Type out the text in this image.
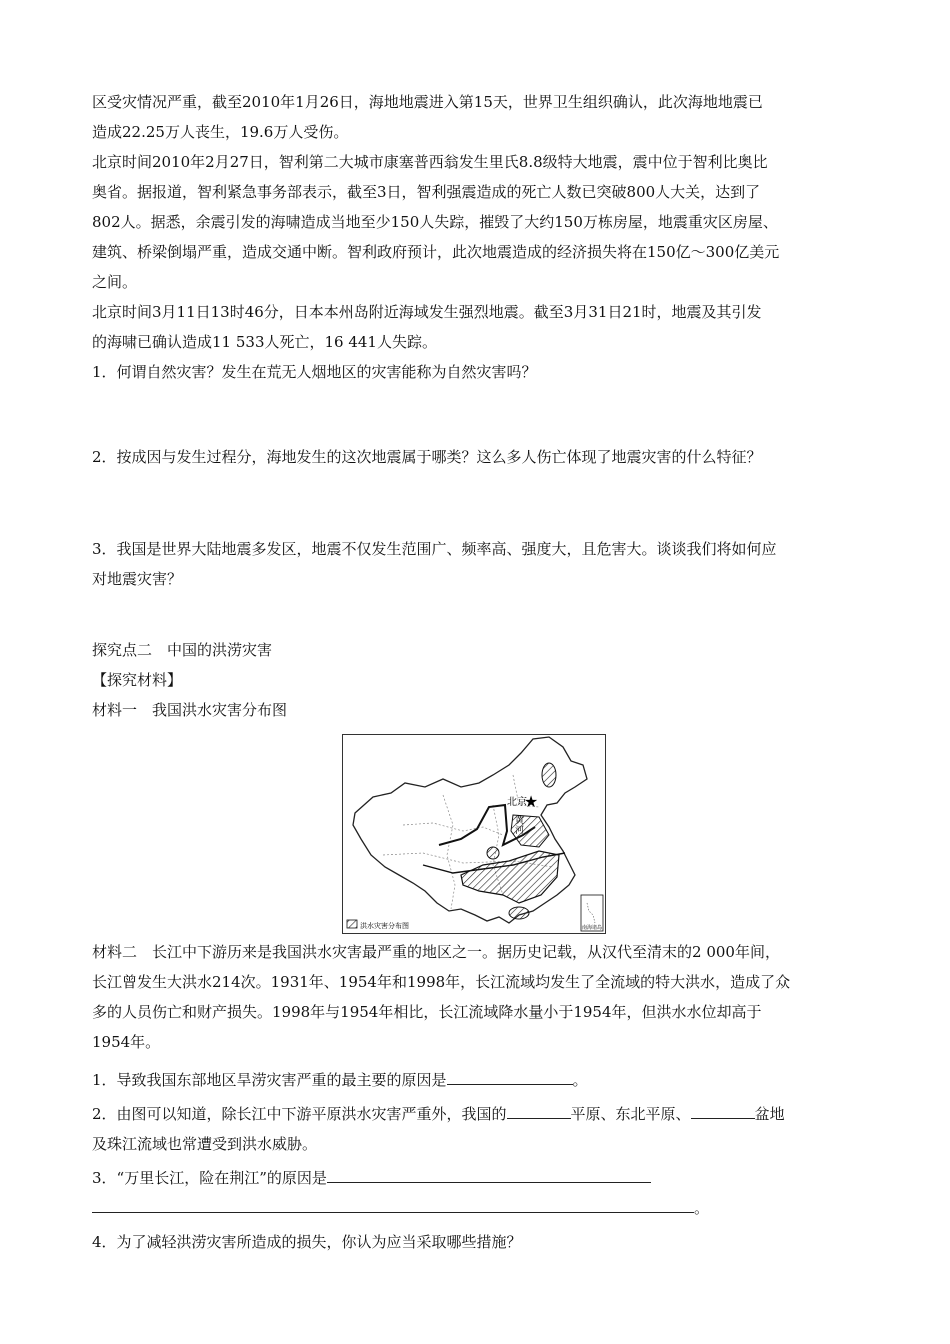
区受灾情况严重，截至2010年1月26日，海地地震进入第15天，世界卫生组织确认，此次海地地震已
造成22.25万人丧生，19.6万人受伤。
北京时间2010年2月27日，智利第二大城市康塞普西翁发生里氏8.8级特大地震，震中位于智利比奥比
奥省。据报道，智利紧急事务部表示，截至3日，智利强震造成的死亡人数已突破800人大关，达到了
802人。据悉，余震引发的海啸造成当地至少150人失踪，摧毁了大约150万栋房屋，地震重灾区房屋、
建筑、桥梁倒塌严重，造成交通中断。智利政府预计，此次地震造成的经济损失将在150亿～300亿美元
之间。
北京时间3月11日13时46分，日本本州岛附近海域发生强烈地震。截至3月31日21时，地震及其引发
的海啸已确认造成11 533人死亡，16 441人失踪。
1．何谓自然灾害？发生在荒无人烟地区的灾害能称为自然灾害吗？
2．按成因与发生过程分，海地发生的这次地震属于哪类？这么多人伤亡体现了地震灾害的什么特征？
3．我国是世界大陆地震多发区，地震不仅发生范围广、频率高、强度大，且危害大。谈谈我们将如何应
对地震灾害？
探究点二　中国的洪涝灾害
【探究材料】
材料一　我国洪水灾害分布图
★
北京
黄 河
洪水灾害分布图	南海诸岛
材料二　长江中下游历来是我国洪水灾害最严重的地区之一。据历史记载，从汉代至清末的2 000年间，
长江曾发生大洪水214次。1931年、1954年和1998年，长江流域均发生了全流域的特大洪水，造成了众
多的人员伤亡和财产损失。1998年与1954年相比，长江流域降水量小于1954年，但洪水水位却高于
1954年。
1．导致我国东部地区旱涝灾害严重的最主要的原因是	。
2．由图可以知道，除长江中下游平原洪水灾害严重外，我国的	平原、东北平原、	盆地
及珠江流域也常遭受到洪水威胁。
3．“万里长江，险在荆江”的原因是
。
4．为了减轻洪涝灾害所造成的损失，你认为应当采取哪些措施？
